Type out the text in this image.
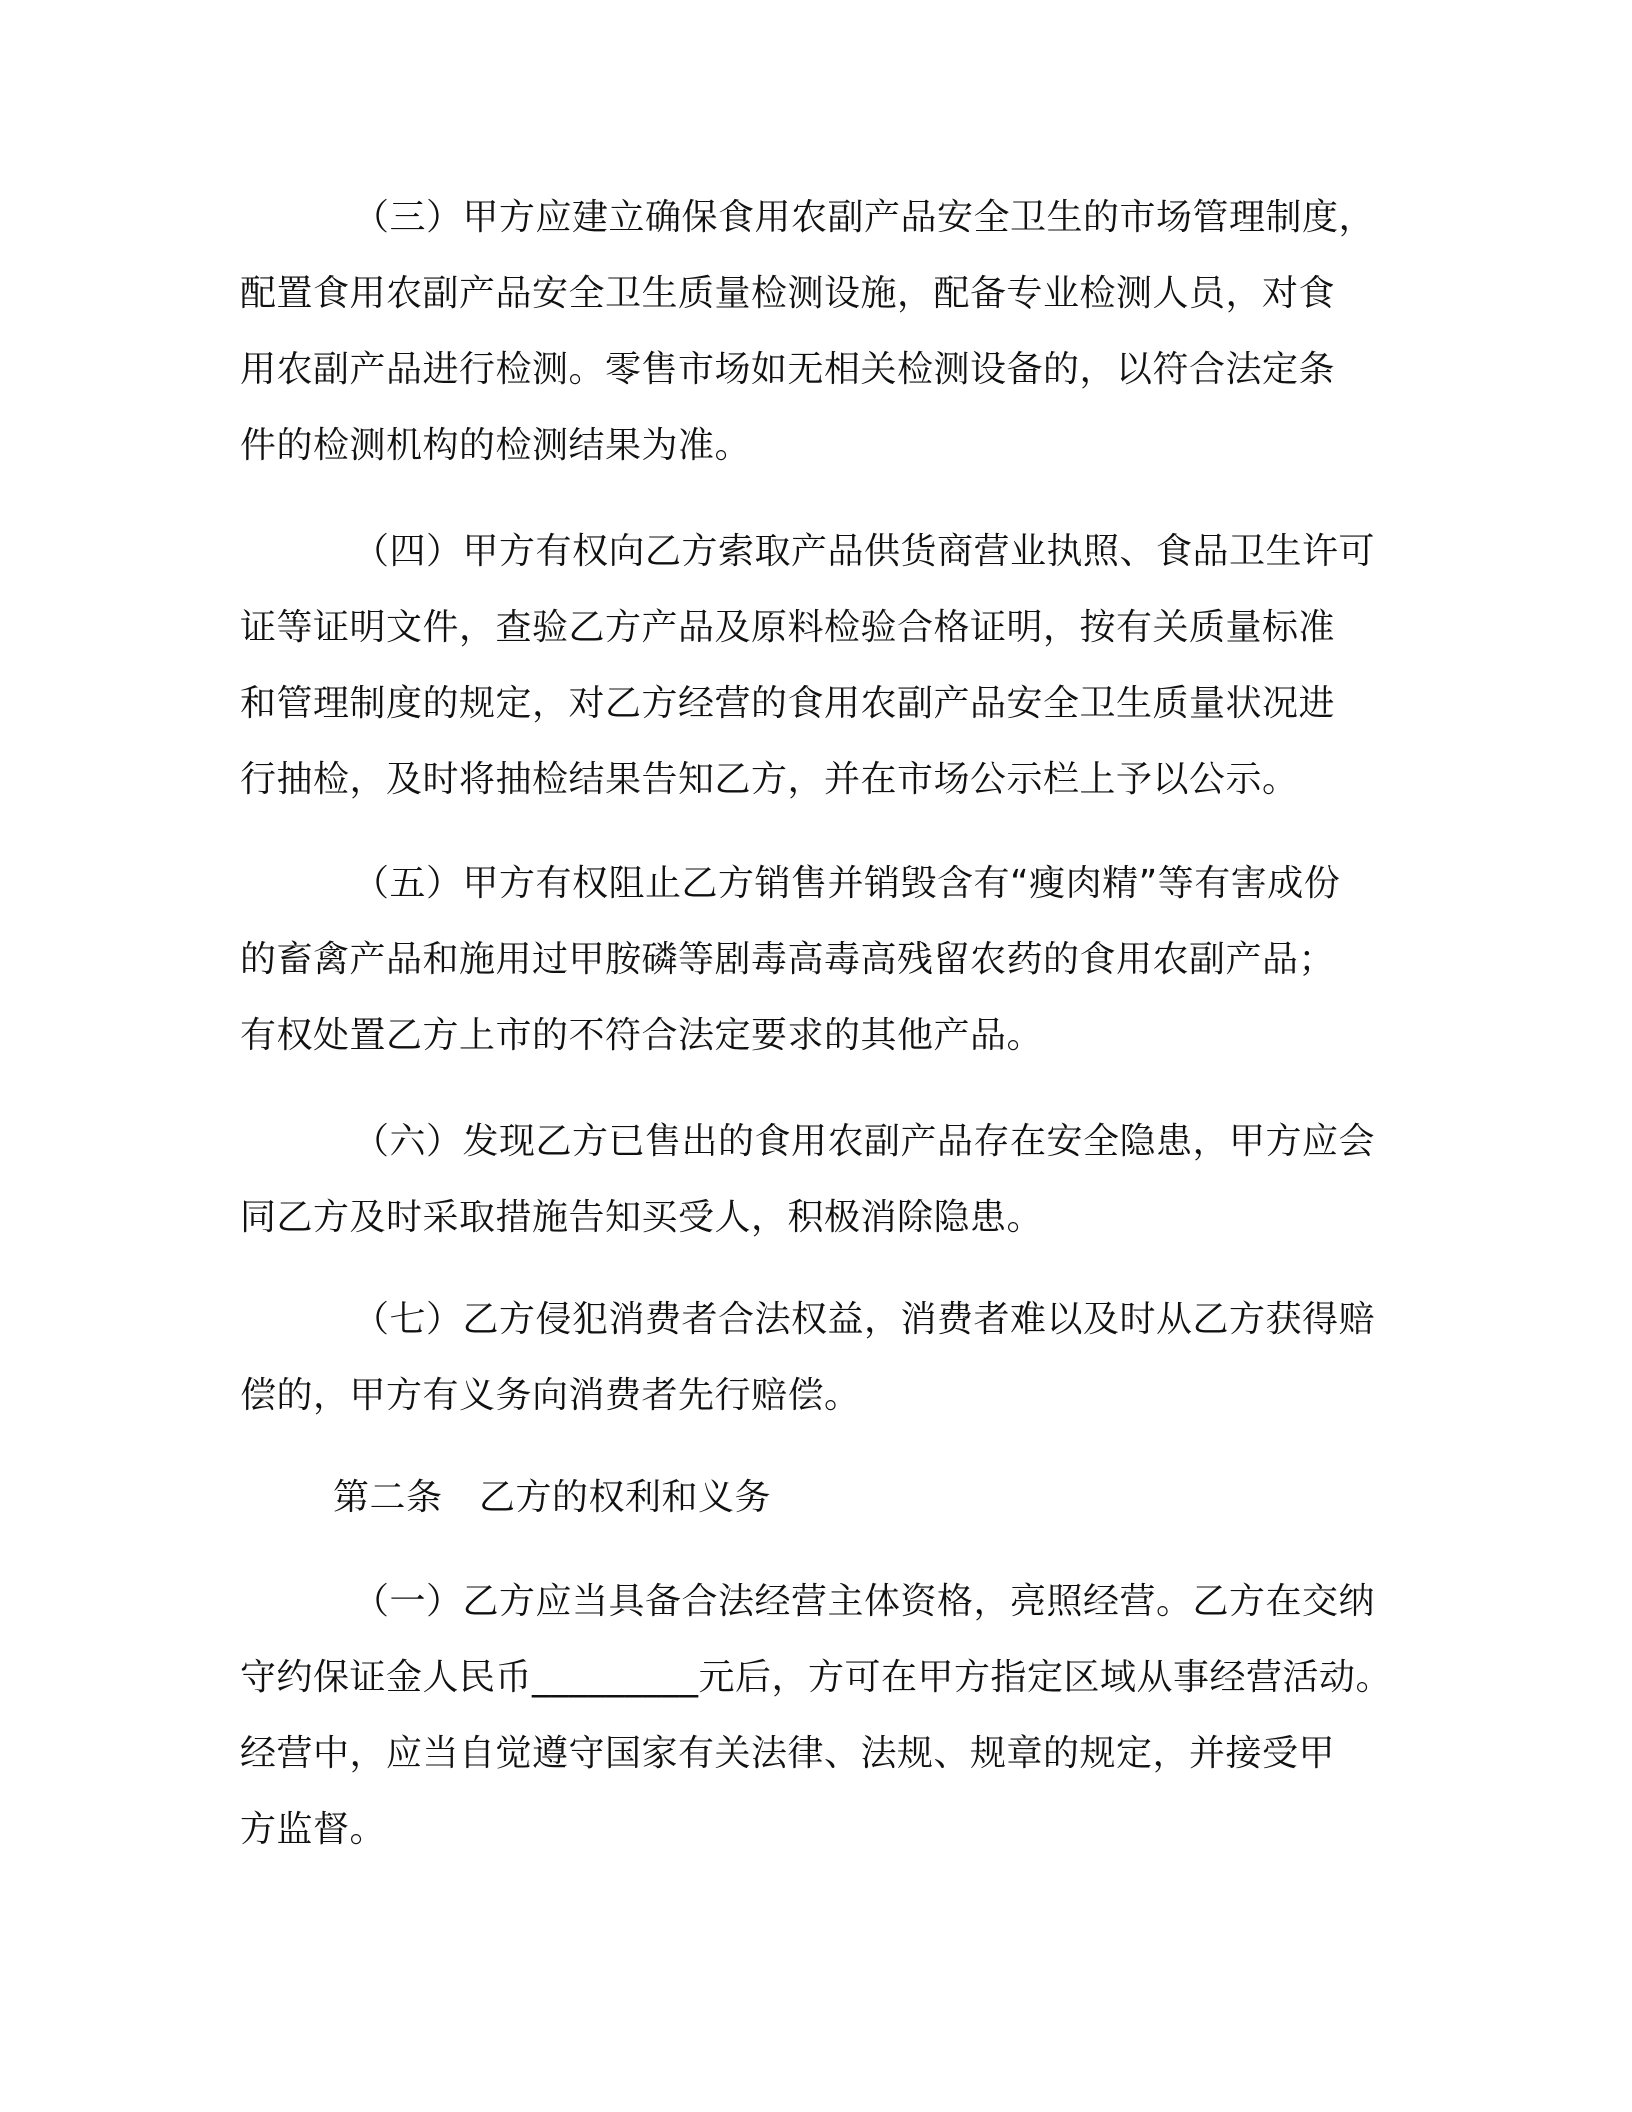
（三）甲方应建立确保食用农副产品安全卫生的市场管理制度，
配置食用农副产品安全卫生质量检测设施，配备专业检测人员，对食
用农副产品进行检测。零售市场如无相关检测设备的，以符合法定条
件的检测机构的检测结果为准。
（四）甲方有权向乙方索取产品供货商营业执照、食品卫生许可
证等证明文件，查验乙方产品及原料检验合格证明，按有关质量标准
和管理制度的规定，对乙方经营的食用农副产品安全卫生质量状况进
行抽检，及时将抽检结果告知乙方，并在市场公示栏上予以公示。
（五）甲方有权阻止乙方销售并销毁含有“瘦肉精”等有害成份
的畜禽产品和施用过甲胺磷等剧毒高毒高残留农药的食用农副产品；
有权处置乙方上市的不符合法定要求的其他产品。
（六）发现乙方已售出的食用农副产品存在安全隐患，甲方应会
同乙方及时采取措施告知买受人，积极消除隐患。
（七）乙方侵犯消费者合法权益，消费者难以及时从乙方获得赔
偿的，甲方有义务向消费者先行赔偿。
第二条　乙方的权利和义务
（一）乙方应当具备合法经营主体资格，亮照经营。乙方在交纳
守约保证金人民币_________元后，方可在甲方指定区域从事经营活动。
经营中，应当自觉遵守国家有关法律、法规、规章的规定，并接受甲
方监督。
